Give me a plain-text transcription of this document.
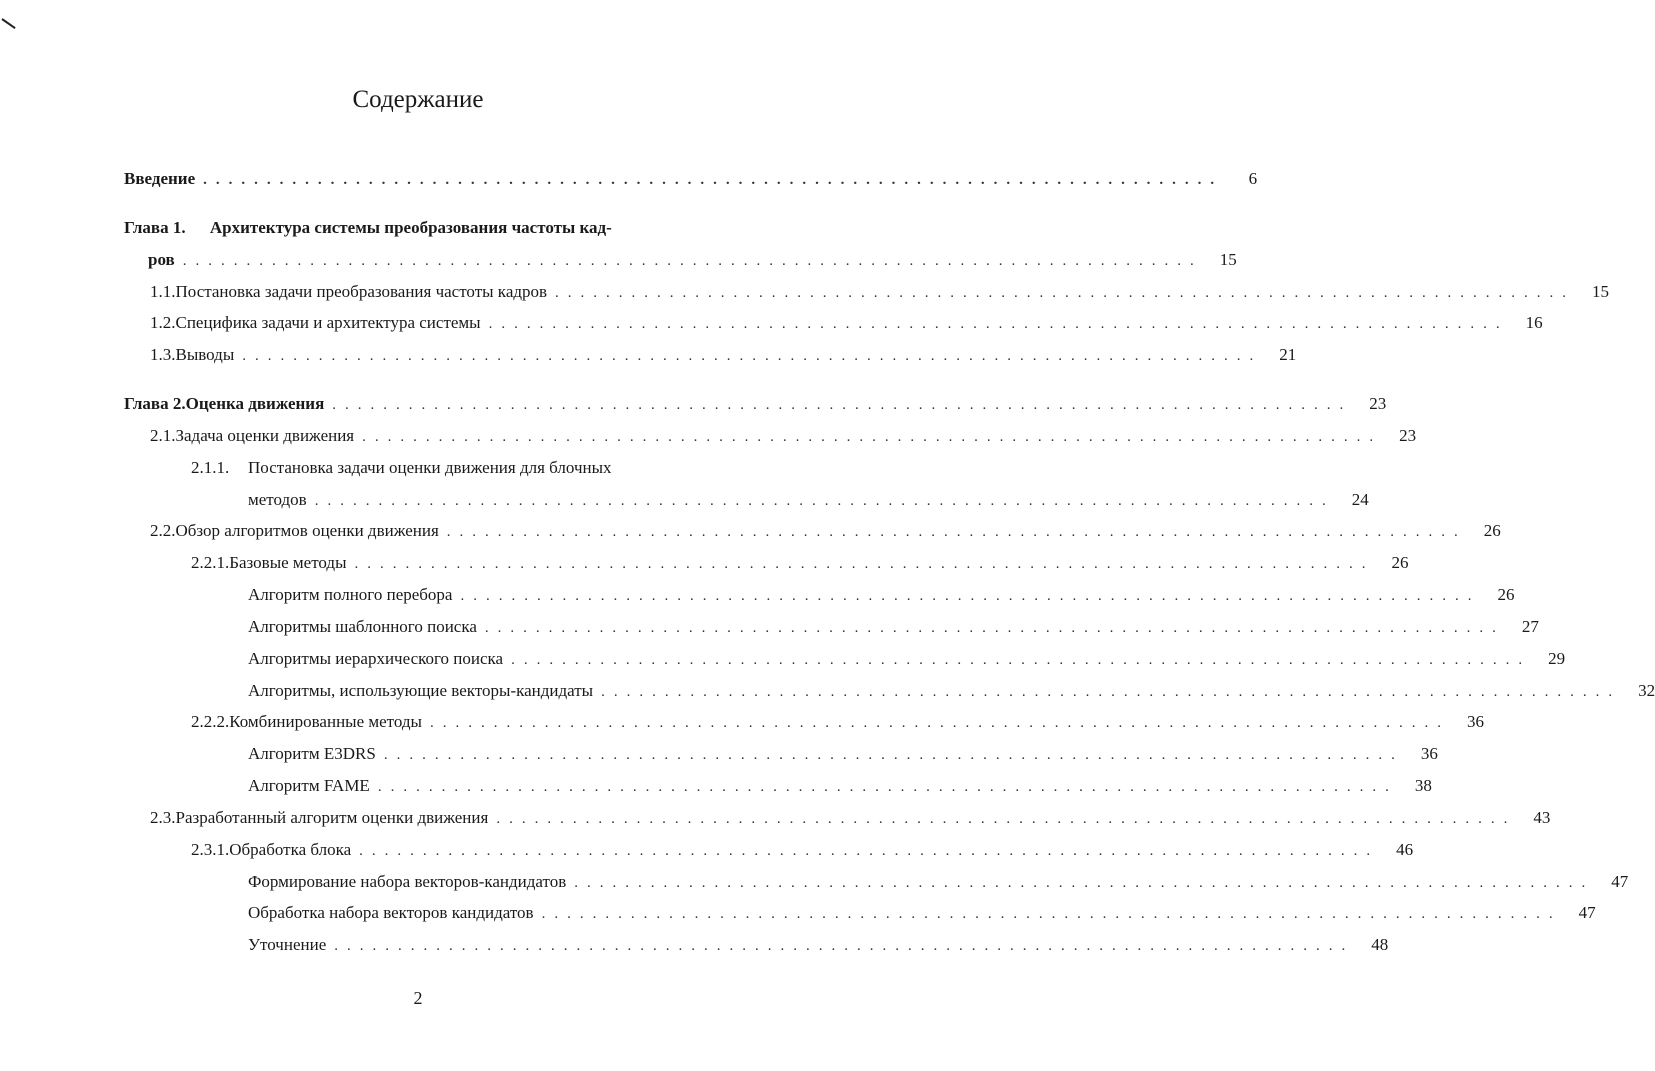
Содержание
Введение ................................................................................	6
Глава 1. Архитектура системы преобразования частоты кад-
ров ................................................................................	15
1.1. Постановка задачи преобразования частоты кадров ................................................................................	15
1.2. Специфика задачи и архитектура системы ................................................................................	16
1.3. Выводы ................................................................................	21
Глава 2. Оценка движения ................................................................................	23
2.1. Задача оценки движения ................................................................................	23
2.1.1. Постановка задачи оценки движения для блочных
методов ................................................................................	24
2.2. Обзор алгоритмов оценки движения ................................................................................	26
2.2.1. Базовые методы ................................................................................	26
Алгоритм полного перебора ................................................................................	26
Алгоритмы шаблонного поиска ................................................................................	27
Алгоритмы иерархического поиска ................................................................................	29
Алгоритмы, использующие векторы-кандидаты ................................................................................	32
2.2.2. Комбинированные методы ................................................................................	36
Алгоритм E3DRS ................................................................................	36
Алгоритм FAME ................................................................................	38
2.3. Разработанный алгоритм оценки движения ................................................................................	43
2.3.1. Обработка блока ................................................................................	46
Формирование набора векторов-кандидатов ................................................................................	47
Обработка набора векторов кандидатов ................................................................................	47
Уточнение ................................................................................	48
2
